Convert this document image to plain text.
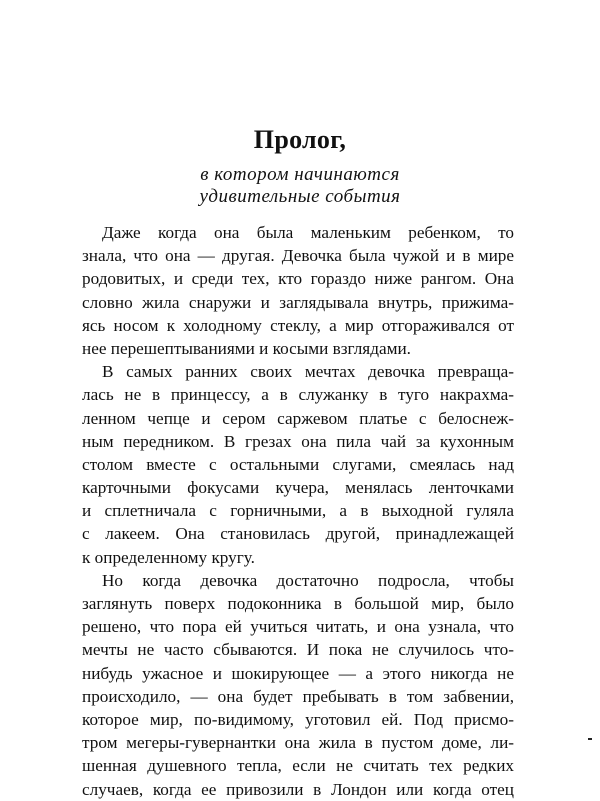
Пролог,
в котором начинаются
удивительные события
Даже когда она была маленьким ребенком, то
знала, что она — другая. Девочка была чужой и в мире
родовитых, и среди тех, кто гораздо ниже рангом. Она
словно жила снаружи и заглядывала внутрь, прижима-
ясь носом к холодному стеклу, а мир отгораживался от
нее перешептываниями и косыми взглядами.
В самых ранних своих мечтах девочка превраща-
лась не в принцессу, а в служанку в туго накрахма-
ленном чепце и сером саржевом платье с белоснеж-
ным передником. В грезах она пила чай за кухонным
столом вместе с остальными слугами, смеялась над
карточными фокусами кучера, менялась ленточками
и сплетничала с горничными, а в выходной гуляла
с лакеем. Она становилась другой, принадлежащей
к определенному кругу.
Но когда девочка достаточно подросла, чтобы
заглянуть поверх подоконника в большой мир, было
решено, что пора ей учиться читать, и она узнала, что
мечты не часто сбываются. И пока не случилось что-
нибудь ужасное и шокирующее — а этого никогда не
происходило, — она будет пребывать в том забвении,
которое мир, по-видимому, уготовил ей. Под присмо-
тром мегеры-гувернантки она жила в пустом доме, ли-
шенная душевного тепла, если не считать тех редких
случаев, когда ее привозили в Лондон или когда отец
